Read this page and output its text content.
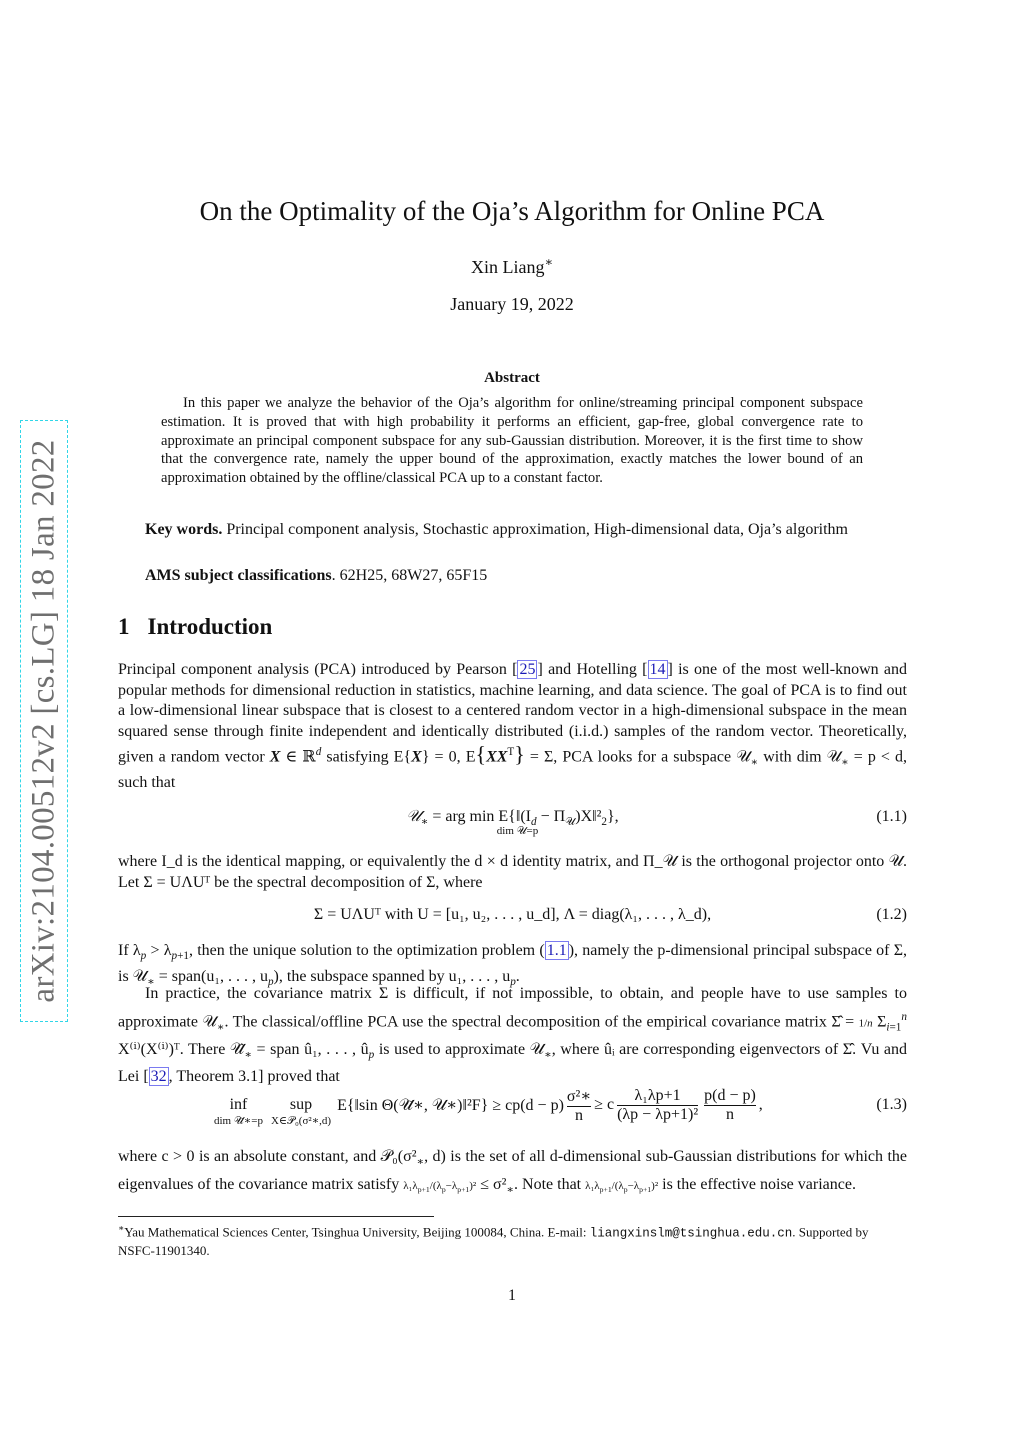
arXiv:2104.00512v2 [cs.LG] 18 Jan 2022
On the Optimality of the Oja’s Algorithm for Online PCA
Xin Liang∗
January 19, 2022
Abstract
In this paper we analyze the behavior of the Oja’s algorithm for online/streaming principal component subspace estimation. It is proved that with high probability it performs an efficient, gap-free, global convergence rate to approximate an principal component subspace for any sub-Gaussian distribution. Moreover, it is the first time to show that the convergence rate, namely the upper bound of the approximation, exactly matches the lower bound of an approximation obtained by the offline/classical PCA up to a constant factor.
Key words. Principal component analysis, Stochastic approximation, High-dimensional data, Oja’s algorithm
AMS subject classifications. 62H25, 68W27, 65F15
1 Introduction
Principal component analysis (PCA) introduced by Pearson [ 25 ] and Hotelling [ 14 ] is one of the most well-known and popular methods for dimensional reduction in statistics, machine learning, and data science. The goal of PCA is to find out a low-dimensional linear subspace that is closest to a centered random vector in a high-dimensional subspace in the mean squared sense through finite independent and identically distributed (i.i.d.) samples of the random vector. Theoretically, given a random vector X ∈ ℝ$^d$ satisfying E{X} = 0, $E\{XX^T\} = \Sigma$, PCA looks for a subspace 𝒰$_∗$ with dim 𝒰$_∗$ = p < d, such that
𝒰$_∗$ = arg $\min E\{‖(I_d$ − $\Pi_𝒰)X‖^2_2$},
dim 𝒰=p
(1.1)
where I_d is the identical mapping, or equivalently the d × d identity matrix, and Π_𝒰 is the orthogonal projector onto 𝒰. Let Σ = UΛUᵀ be the spectral decomposition of Σ, where
Σ = UΛUᵀ with U = [u₁, u₂, . . . , u_d], Λ = diag(λ₁, . . . , λ_d),	(1.2)
If $\lambda_p > \lambda_{p+1}$, then the unique solution to the optimization problem ( 1.1 ), namely the p-dimensional principal subspace of Σ, is 𝒰$_∗$ = span(u₁, . . . , $u_p$), the subspace spanned by u₁, . . . , $u_p$.
In practice, the covariance matrix Σ is difficult, if not impossible, to obtain, and people have to use samples to approximate 𝒰$_∗$. The classical/offline PCA use the spectral decomposition of the empirical covariance matrix Σ̂ = 1/n $\Sigma_{i=1}^n$ X⁽ⁱ⁾(X⁽ⁱ⁾)ᵀ. There $𝒰̂_∗$ = span û₁, . . . , $û_p$ is used to approximate 𝒰$_∗$, where ûᵢ are corresponding eigenvectors of Σ̂. Vu and Lei [ 32 , Theorem 3.1] proved that
inf
dim 𝒰̃∗=p
sup
X∈𝒫₀(σ²∗,d)
E{‖sin Θ(𝒰̃∗, 𝒰∗)‖²F} ≥ $cp(d - p) \frac{\text{σ²∗}}{n} \ge c$
λ₁λp+1
(λp − λp+1)²
p(d − p)
n
,	(1.3)
where c > 0 is an absolute constant, and $𝒫_0(\sigma^2_∗$, d) is the set of all d-dimensional sub-Gaussian distributions for which the eigenvalues of the covariance matrix satisfy $\lambda_1\lambda_{p+1}/(\lambda_p-\lambda_{p+1})^2 \le \sigma^2_∗$. Note that $\lambda_1\lambda_{p+1}/(\lambda_p-\lambda_{p+1})^2$ is the effective noise variance.
∗Yau Mathematical Sciences Center, Tsinghua University, Beijing 100084, China. E-mail: liangxinslm@tsinghua.edu.cn. Supported by NSFC-11901340.
1
